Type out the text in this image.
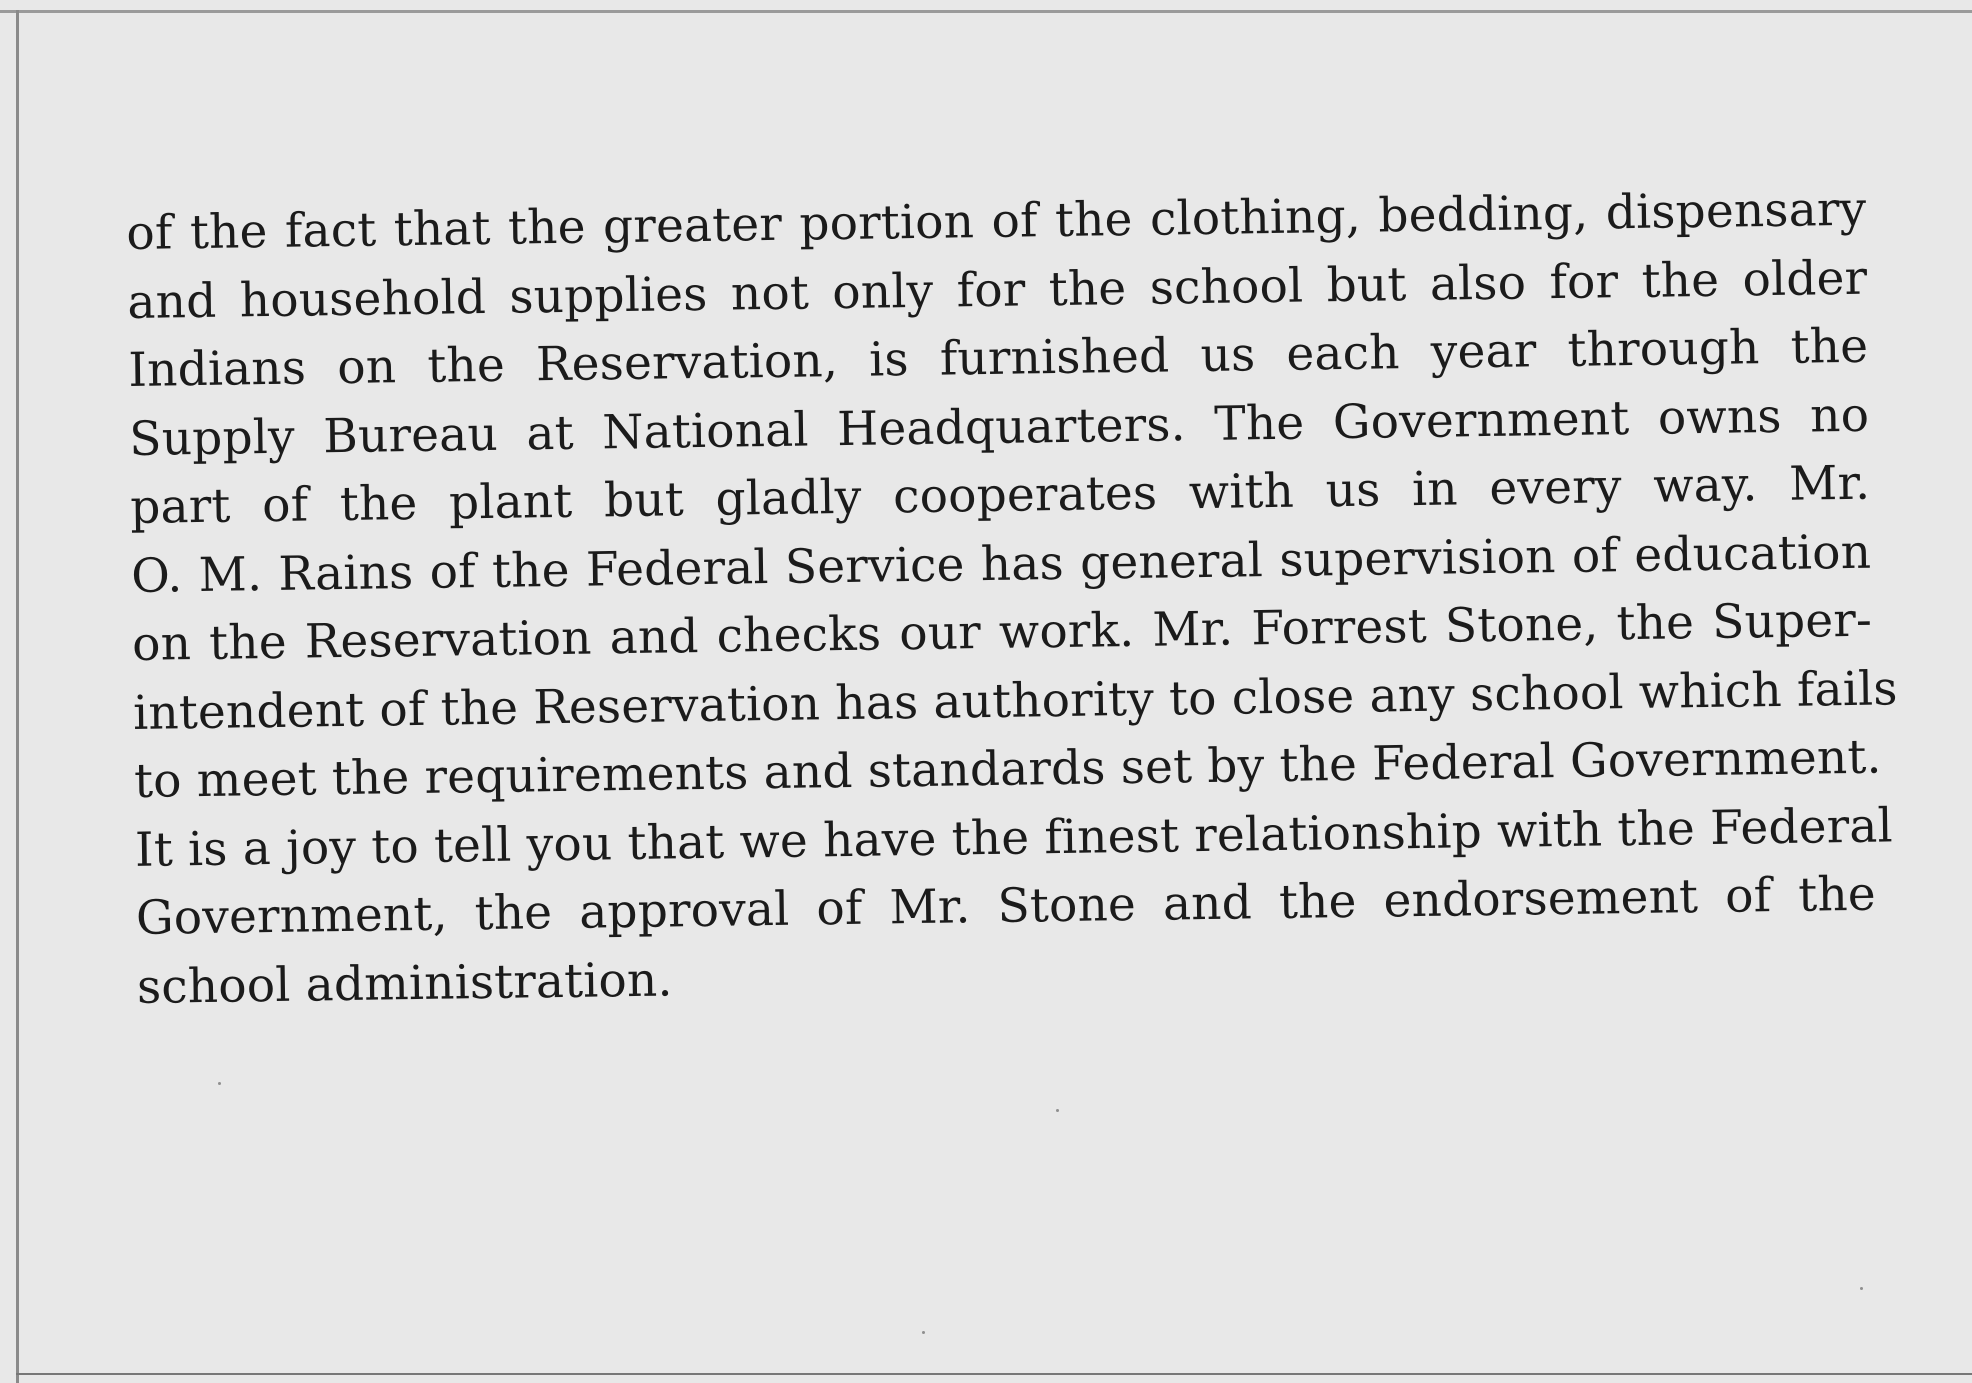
of the fact that the greater portion of the clothing, bedding, dispensary
and household supplies not only for the school but also for the older
Indians on the Reservation, is furnished us each year through the
Supply Bureau at National Headquarters. The Government owns no
part of the plant but gladly cooperates with us in every way. Mr.
O. M. Rains of the Federal Service has general supervision of education
on the Reservation and checks our work. Mr. Forrest Stone, the Super-
intendent of the Reservation has authority to close any school which fails
to meet the requirements and standards set by the Federal Government.
It is a joy to tell you that we have the finest relationship with the Federal
Government, the approval of Mr. Stone and the endorsement of the
school administration.
